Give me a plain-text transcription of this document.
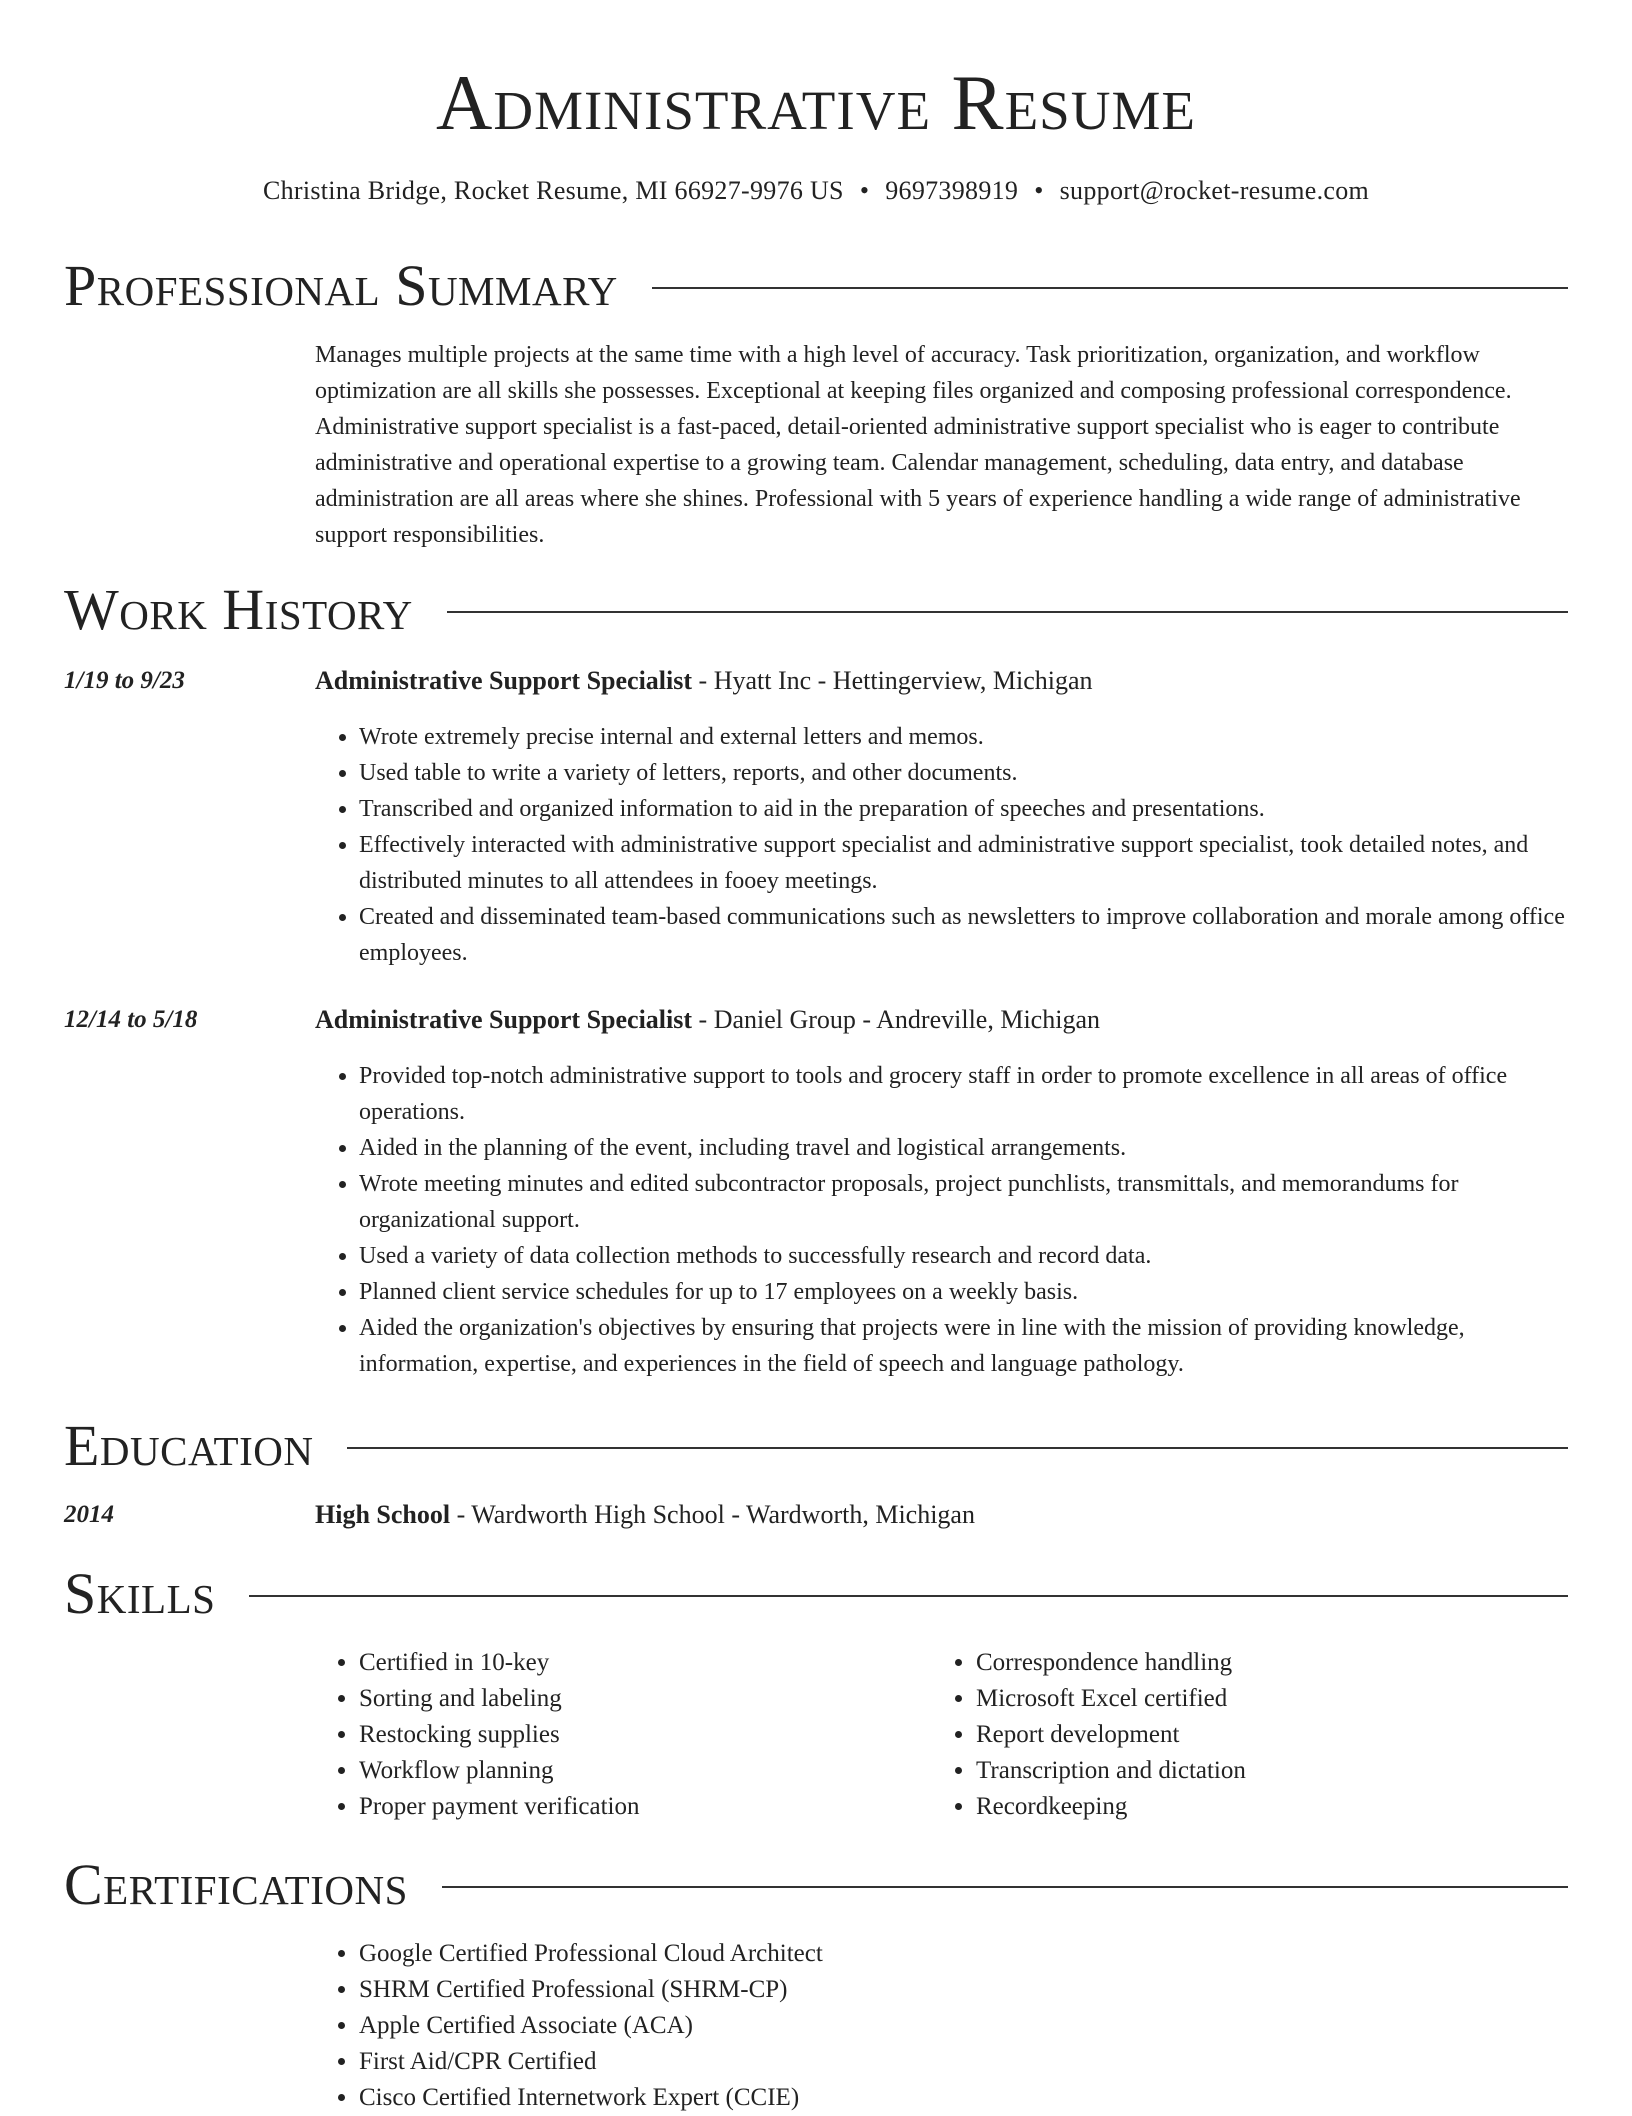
Administrative Resume
Christina Bridge, Rocket Resume, MI 66927-9976 US • 9697398919 • support@rocket-resume.com
Professional Summary

Manages multiple projects at the same time with a high level of accuracy. Task prioritization, organization, and workflow optimization are all skills she possesses. Exceptional at keeping files organized and composing professional correspondence. Administrative support specialist is a fast-paced, detail-oriented administrative support specialist who is eager to contribute administrative and operational expertise to a growing team. Calendar management, scheduling, data entry, and database administration are all areas where she shines. Professional with 5 years of experience handling a wide range of administrative support responsibilities.

Work History
1/19 to 9/23	Administrative Support Specialist - Hyatt Inc - Hettingerview, Michigan
• Wrote extremely precise internal and external letters and memos.
• Used table to write a variety of letters, reports, and other documents.
• Transcribed and organized information to aid in the preparation of speeches and presentations.
• Effectively interacted with administrative support specialist and administrative support specialist, took detailed notes, and distributed minutes to all attendees in fooey meetings.
• Created and disseminated team-based communications such as newsletters to improve collaboration and morale among office employees.
12/14 to 5/18	Administrative Support Specialist - Daniel Group - Andreville, Michigan
• Provided top-notch administrative support to tools and grocery staff in order to promote excellence in all areas of office operations.
• Aided in the planning of the event, including travel and logistical arrangements.
• Wrote meeting minutes and edited subcontractor proposals, project punchlists, transmittals, and memorandums for organizational support.
• Used a variety of data collection methods to successfully research and record data.
• Planned client service schedules for up to 17 employees on a weekly basis.
• Aided the organization's objectives by ensuring that projects were in line with the mission of providing knowledge, information, expertise, and experiences in the field of speech and language pathology.
Education
2014	High School - Wardworth High School - Wardworth, Michigan
Skills
• Certified in 10-key
• Sorting and labeling
• Restocking supplies
• Workflow planning
• Proper payment verification
• Correspondence handling
• Microsoft Excel certified
• Report development
• Transcription and dictation
• Recordkeeping
Certifications
• Google Certified Professional Cloud Architect
• SHRM Certified Professional (SHRM-CP)
• Apple Certified Associate (ACA)
• First Aid/CPR Certified
• Cisco Certified Internetwork Expert (CCIE)
